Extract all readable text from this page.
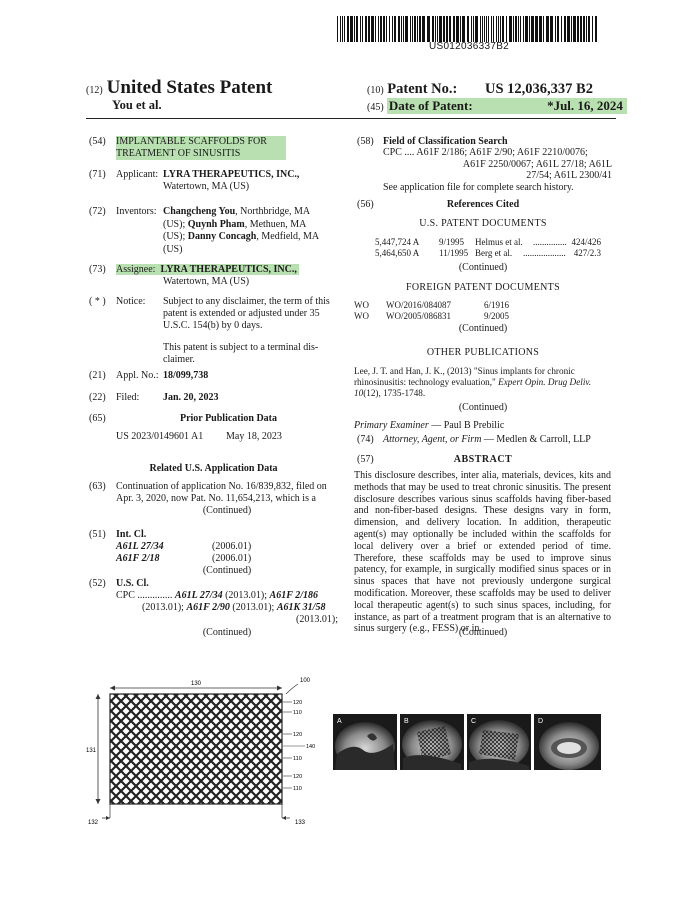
US012036337B2
(12) United States Patent
You et al.
(10) Patent No.: US 12,036,337 B2
(45) Date of Patent:	*Jul. 16, 2024
(54) IMPLANTABLE SCAFFOLDS FOR
TREATMENT OF SINUSITIS
(71) Applicant: LYRA THERAPEUTICS, INC.,
Watertown, MA (US)
(72) Inventors: Changcheng You, Northbridge, MA
(US); Quynh Pham, Methuen, MA
(US); Danny Concagh, Medfield, MA
(US)
(73) Assignee: LYRA THERAPEUTICS, INC.,
Watertown, MA (US)
( * ) Notice: Subject to any disclaimer, the term of this
patent is extended or adjusted under 35
U.S.C. 154(b) by 0 days.
This patent is subject to a terminal dis-
claimer.
(21) Appl. No.: 18/099,738
(22) Filed: Jan. 20, 2023
(65)	Prior Publication Data
US 2023/0149601 A1 May 18, 2023
Related U.S. Application Data
(63) Continuation of application No. 16/839,832, filed on
Apr. 3, 2020, now Pat. No. 11,654,213, which is a
(Continued)
(51) Int. Cl.
A61L 27/34	(2006.01)
A61F 2/18	(2006.01)
(Continued)
(52) U.S. Cl.
CPC .............. A61L 27/34 (2013.01); A61F 2/186
(2013.01); A61F 2/90 (2013.01); A61K 31/58
(2013.01);
(Continued)
(58) Field of Classification Search
CPC .... A61F 2/186; A61F 2/90; A61F 2210/0076;
A61F 2250/0067; A61L 27/18; A61L
27/54; A61L 2300/41
See application file for complete search history.
(56)	References Cited
U.S. PATENT DOCUMENTS
5,447,724 A 9/1995 Helmus et al. ............... 424/426
5,464,650 A 11/1995 Berg et al. ................... 427/2.3
(Continued)
FOREIGN PATENT DOCUMENTS
WO WO/2016/084087	6/1916
WO WO/2005/086831	9/2005
(Continued)
OTHER PUBLICATIONS
Lee, J. T. and Han, J. K., (2013) "Sinus implants for chronic
rhinosinusitis: technology evaluation," Expert Opin. Drug Deliv.
10(12), 1735-1748.
(Continued)
Primary Examiner — Paul B Prebilic
(74) Attorney, Agent, or Firm — Medlen & Carroll, LLP
(57)	ABSTRACT
This disclosure describes, inter alia, materials, devices, kits and methods that may be used to treat chronic sinusitis. The present disclosure describes various sinus scaffolds having fiber-based and non-fiber-based designs. These designs vary in form, dimension, and delivery location. In addition, therapeutic agent(s) may optionally be included within the scaffolds for local delivery over a brief or extended period of time. Therefore, these scaffolds may be used to improve sinus patency, for example, in surgically modified sinus spaces or in sinus spaces that have not previously undergone surgical modification. Moreover, these scaffolds may be used to deliver local therapeutic agent(s) to such sinus spaces, including, for instance, as part of a treatment program that is an alternative to sinus surgery (e.g., FESS) or in
(Continued)
130	100
131
120
110
120
140
110
120
110
132	133
A	B	C	D
